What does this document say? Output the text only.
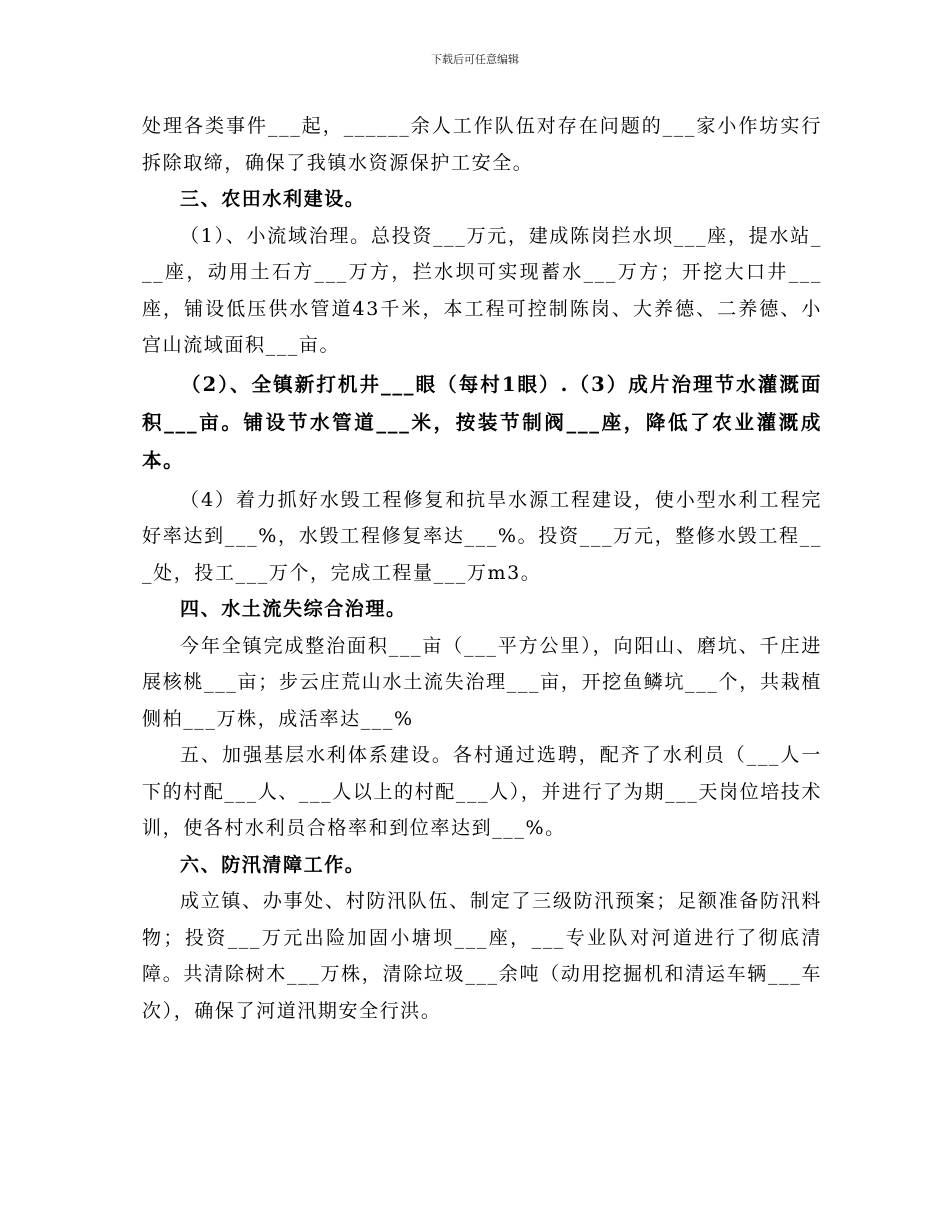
下载后可任意编辑

处理各类事件___起，______余人工作队伍对存在问题的___家小作坊实行拆除取缔，确保了我镇水资源保护工安全。

三、农田水利建设。

（1）、小流域治理。总投资___万元，建成陈岗拦水坝___座，提水站___座，动用土石方___万方，拦水坝可实现蓄水___万方；开挖大口井___座，铺设低压供水管道43千米，本工程可控制陈岗、大养德、二养德、小宫山流域面积___亩。

（2）、全镇新打机井___眼（每村1眼）.（3）成片治理节水灌溉面积___亩。铺设节水管道___米，按装节制阀___座，降低了农业灌溉成本。

（4）着力抓好水毁工程修复和抗旱水源工程建设，使小型水利工程完好率达到___%，水毁工程修复率达___%。投资___万元，整修水毁工程___处，投工___万个，完成工程量___万m3。

四、水土流失综合治理。

今年全镇完成整治面积___亩（___平方公里），向阳山、磨坑、千庄进展核桃___亩；步云庄荒山水土流失治理___亩，开挖鱼鳞坑___个，共栽植侧柏___万株，成活率达___%

五、加强基层水利体系建设。各村通过选聘，配齐了水利员（___人一下的村配___人、___人以上的村配___人），并进行了为期___天岗位培技术训，使各村水利员合格率和到位率达到___%。

六、防汛清障工作。

成立镇、办事处、村防汛队伍、制定了三级防汛预案；足额准备防汛料物；投资___万元出险加固小塘坝___座，___专业队对河道进行了彻底清障。共清除树木___万株，清除垃圾___余吨（动用挖掘机和清运车辆___车次），确保了河道汛期安全行洪。
